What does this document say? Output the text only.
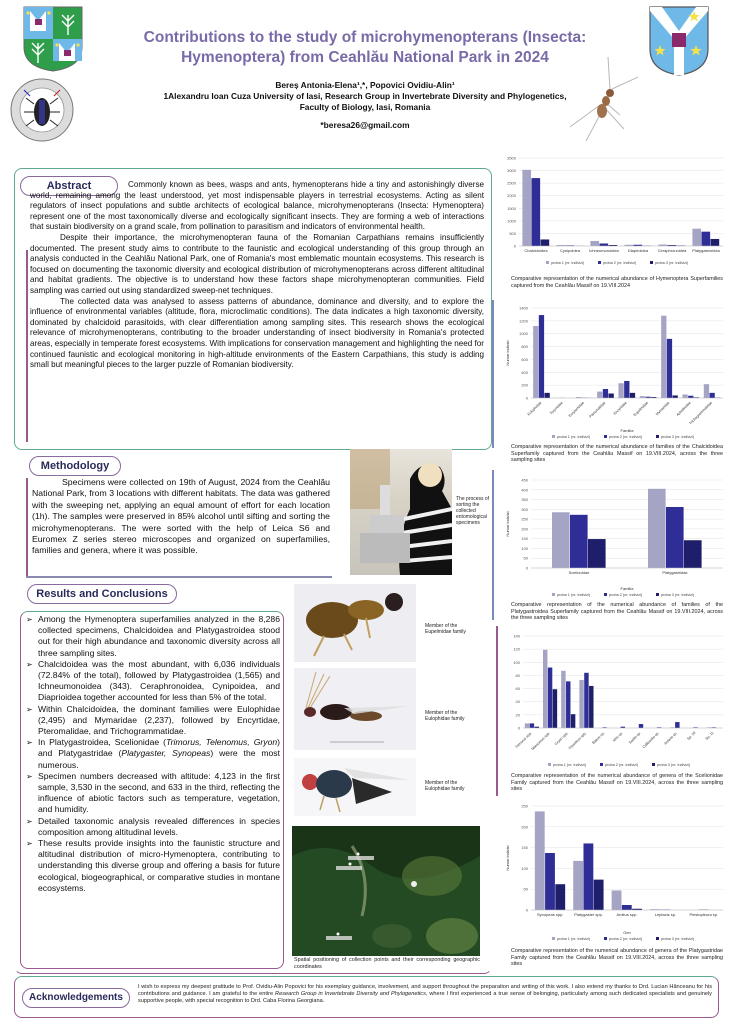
Contributions to the study of microhymenopterans (Insecta: Hymenoptera) from Ceahlău National Park in 2024
Bereș Antonia-Elena¹,*, Popovici Ovidiu-Alin¹
1Alexandru Ioan Cuza University of Iasi, Research Group in Invertebrate Diversity and Phylogenetics, Faculty of Biology, Iasi, Romania
*beresa26@gmail.com
Abstract	Commonly known as bees, wasps and ants, hymenopterans hide a tiny and astonishingly diverse world, remaining among the least understood, yet most indispensable players in terrestrial ecosystems. Acting as silent regulators of insect populations and subtle architects of ecological balance, microhymenopterans (Insecta: Hymenoptera) represent one of the most taxonomically diverse and ecologically significant insects. They are forming a web of interactions that sustain biodiversity on a grand scale, from pollination to parasitism and indicators of environmental health.

Despite their importance, the microhymenopteran fauna of the Romanian Carpathians remains insufficiently documented. The present study aims to contribute to the faunistic and ecological understanding of this group through an analysis conducted in the Ceahlău National Park, one of Romania's most emblematic mountain ecosystems. This research is focused on documenting the taxonomic diversity and ecological distribution of microhymenopterans across different altitudinal and habitat gradients. The objective is to understand how these factors shape microhymenopteran communities. Field sampling was carried out using standardized sweep-net techniques.

The collected data was analysed to assess patterns of abundance, dominance and diversity, and to explore the influence of environmental variables (altitude, flora, microclimatic conditions). The data indicates a high taxonomic diversity, dominated by chalcidoid parasitoids, with clear differentiation among sampling sites. This research shows the ecological relevance of microhymenopterans, contributing to the broader understanding of insect biodiversity in Romania's protected areas, especially in temperate forest ecosystems. With implications for conservation management and highlighting the need for continued faunistic and ecological monitoring in high-altitude environments of the Eastern Carpathians, this study is adding small but meaningful pieces to the larger puzzle of Romanian biodiversity.

Methodology
Specimens were collected on 19th of August, 2024 from the Ceahlău National Park, from 3 locations with different habitats. The data was gathered with the sweeping net, applying an equal amount of effort for each location (1h). The samples were preserved in 85% alcohol until sifting and sorting the microhymenopterans. The were sorted with the help of Leica S6 and Euromex Z series stereo microscopes and organized on superfamilies, families and genera, where it was possible.
The process of sorting the collected entomological specimens
Results and Conclusions
➢ Among the Hymenoptera superfamilies analyzed in the 8,286 collected specimens, Chalcidoidea and Platygastroidea stood out for their high abundance and taxonomic diversity across all three sampling sites.
➢ Chalcidoidea was the most abundant, with 6,036 individuals (72.84% of the total), followed by Platygastroidea (1,565) and Ichneumonoidea (343). Ceraphronoidea, Cynipoidea, and Diaprioidea together accounted for less than 5% of the total.
➢ Within Chalcidoidea, the dominant families were Eulophidae (2,495) and Mymaridae (2,237), followed by Encyrtidae, Pteromalidae, and Trichogrammatidae.
➢ In Platygastroidea, Scelionidae (Trimorus, Telenomus, Gryon) and Platygastridae (Platygaster, Synopeas) were the most numerous.
➢ Specimen numbers decreased with altitude: 4,123 in the first sample, 3,530 in the second, and 633 in the third, reflecting the influence of abiotic factors such as temperature, vegetation, and humidity.
➢ Detailed taxonomic analysis revealed differences in species composition among altitudinal levels.
➢ These results provide insights into the faunistic structure and altitudinal distribution of micro-Hymenoptera, contributing to understanding this diverse group and offering a basis for future ecological, biogeographical, or comparative studies in montane ecosystems.
Member of the Eupelmidae family
Member of the Eulophidae family
Member of the Eulophidae family
Spatial positioning of collection points and their corresponding geographic coordinates
0
500
1000
1500
2000
2500
3000
3500
Chalcidoidea	Cynipoidea Ichneumonoidea Diaprioidea Ceraphronoidea Platygastroidea
proba 1 (nr. indivizi)	proba 2 (nr. indivizi)	proba 3 (nr. indivizi)
Comparative representation of the numerical abundance of Hymenoptera Superfamilies captured from the Ceahlău Massif on 19.VIII.2024
0
200
400
600
800
1000
1200
1400
Numar indivizi
Eulophidae Torymidae Eurytomidae Pteromalidae Encyrtidae Eupelmidae Mymaridae Aphelinidae
Trichogrammatidae
Familia
proba 1 (nr. indivizi)	proba 2 (nr. indivizi)	proba 3 (nr. indivizi)
Comparative representation of the numerical abundance of families of the Chalcidoidea Superfamily captured from the Ceahlău Massif on 19.VIII.2024, across the three sampling sites
0
50
100
150
200
250
300
350
400
450
Numar indivizi
Scelionidae	Platygastridae
Familia
proba 1 (nr. indivizi)	proba 2 (nr. indivizi)	proba 3 (nr. indivizi)
Comparative representation of the numerical abundance of families of the Platygastroidea Superfamily captured from the Ceahlău Massif on 19.VIII.2024, across the three sampling sites
0
20
40
60
80
100
120
140
Trimorus spp.
Telenomus spp. Gryon spp.
Trissolcus spp. Baeus sp. Idris sp. Scelio sp. Calliscelio sp. Anteris sp. Sp. 10 Sp. 11
proba 1 (nr. indivizi)	proba 2 (nr. indivizi)	proba 3 (nr. indivizi)
Comparative representation of the numerical abundance of genera of the Scelionidae Family captured from the Ceahlău Massif on 19.VIII.2024, across the three sampling sites
0
50
100
150
200
250
Numar indivizi
Synopeas spp.	Platygaster spp.	Amitus spp.	Leptacis sp.	Piestopleura sp.
Gen
proba 1 (nr. indivizi)	proba 2 (nr. indivizi)	proba 3 (nr. indivizi)
Comparative representation of the numerical abundance of genera of the Platygastridae Family captured from the Ceahlău Massif on 19.VIII.2024, across the three sampling sites
Acknowledgements
I wish to express my deepest gratitude to Prof. Ovidiu-Alin Popovici for his exemplary guidance, involvement, and support throughout the preparation and writing of this work. I also extend my thanks to Drd. Lucian Hănceanu for his contributions and guidance. I am grateful to the entire Research Group in Invertebrate Diversity and Phylogenetics, where I first experienced a true sense of belonging, particularly among such dedicated specialists and genuinely supportive people, with special recognition to Drd. Caba Florina Georgiana.
